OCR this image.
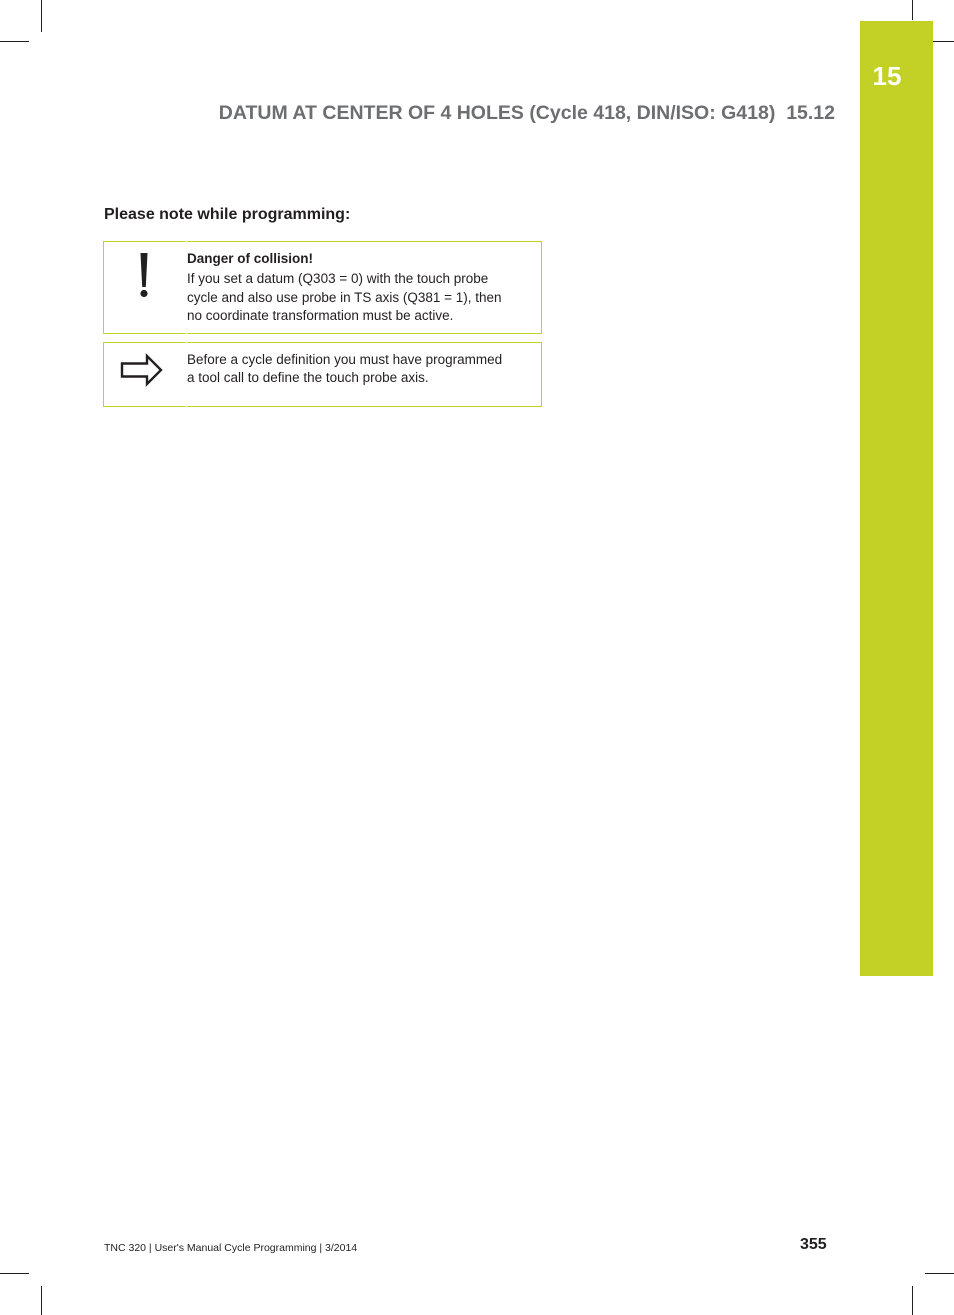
15
DATUM AT CENTER OF 4 HOLES (Cycle 418, DIN/ISO: G418) 15.12
Please note while programming:
Danger of collision!
If you set a datum (Q303 = 0) with the touch probe
cycle and also use probe in TS axis (Q381 = 1), then
no coordinate transformation must be active.
Before a cycle definition you must have programmed
a tool call to define the touch probe axis.
TNC 320 | User's Manual Cycle Programming | 3/2014	355
